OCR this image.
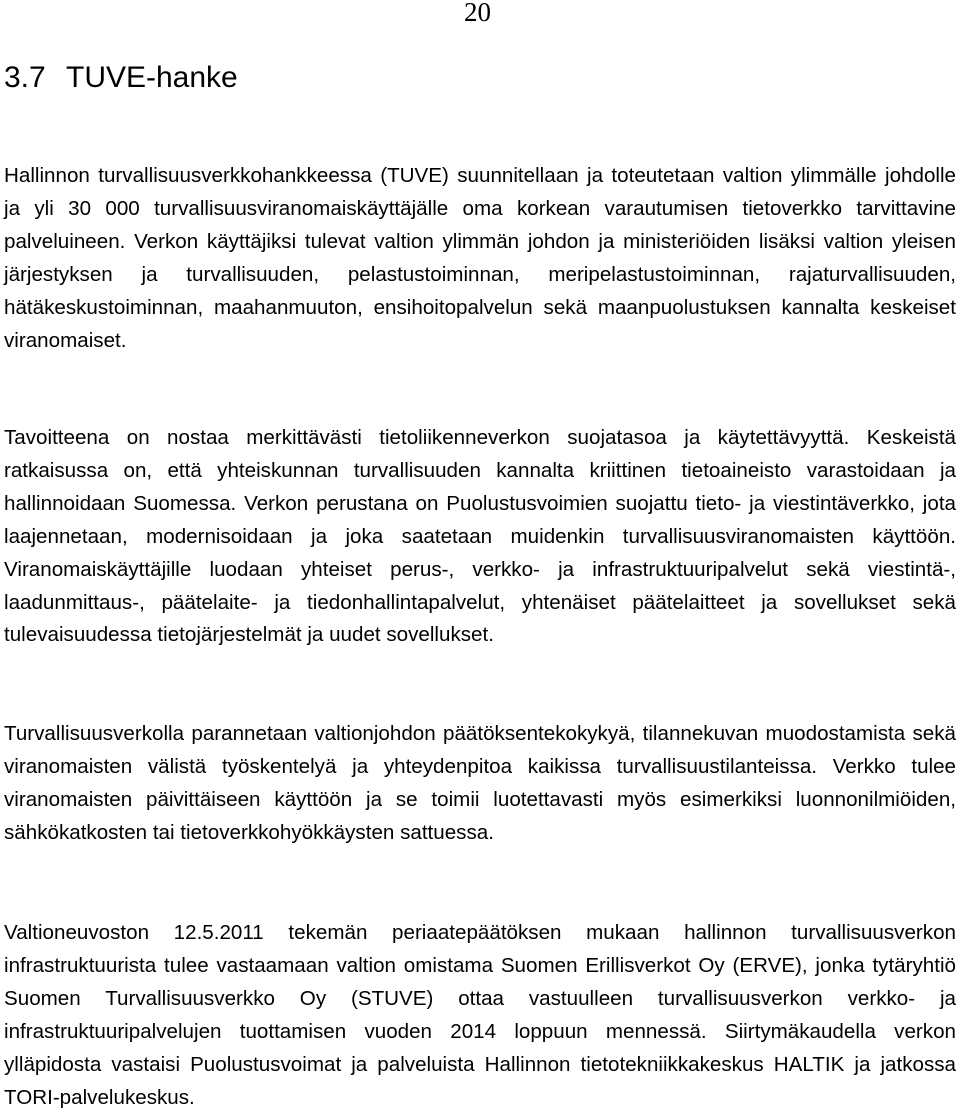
20
3.7 TUVE-hanke

Hallinnon turvallisuusverkkohankkeessa (TUVE) suunnitellaan ja toteutetaan valtion ylimmälle johdolle ja yli 30 000 turvallisuusviranomaiskäyttäjälle oma korkean varautumisen tietoverkko tarvittavine palveluineen. Verkon käyttäjiksi tulevat valtion ylimmän johdon ja ministeriöiden lisäksi valtion yleisen järjestyksen ja turvallisuuden, pelastustoiminnan, meripelastustoiminnan, rajaturvallisuuden, hätäkeskustoiminnan, maahanmuuton, ensihoitopalvelun sekä maanpuolustuksen kannalta keskeiset viranomaiset.

Tavoitteena on nostaa merkittävästi tietoliikenneverkon suojatasoa ja käytettävyyttä. Keskeistä ratkaisussa on, että yhteiskunnan turvallisuuden kannalta kriittinen tietoaineisto varastoidaan ja hallinnoidaan Suomessa. Verkon perustana on Puolustusvoimien suojattu tieto- ja viestintäverkko, jota laajennetaan, modernisoidaan ja joka saatetaan muidenkin turvallisuusviranomaisten käyttöön. Viranomaiskäyttäjille luodaan yhteiset perus-, verkko- ja infrastruktuuripalvelut sekä viestintä-, laadunmittaus-, päätelaite- ja tiedonhallintapalvelut, yhtenäiset päätelaitteet ja sovellukset sekä tulevaisuudessa tietojärjestelmät ja uudet sovellukset.

Turvallisuusverkolla parannetaan valtionjohdon päätöksentekokykyä, tilannekuvan muodostamista sekä viranomaisten välistä työskentelyä ja yhteydenpitoa kaikissa turvallisuustilanteissa. Verkko tulee viranomaisten päivittäiseen käyttöön ja se toimii luotettavasti myös esimerkiksi luonnonilmiöiden, sähkökatkosten tai tietoverkkohyökkäysten sattuessa.

Valtioneuvoston 12.5.2011 tekemän periaatepäätöksen mukaan hallinnon turvallisuusverkon infrastruktuurista tulee vastaamaan valtion omistama Suomen Erillisverkot Oy (ERVE), jonka tytäryhtiö Suomen Turvallisuusverkko Oy (STUVE) ottaa vastuulleen turvallisuusverkon verkko- ja infrastruktuuripalvelujen tuottamisen vuoden 2014 loppuun mennessä. Siirtymäkaudella verkon ylläpidosta vastaisi Puolustusvoimat ja palveluista Hallinnon tietotekniikkakeskus HALTIK ja jatkossa TORI-palvelukeskus.
